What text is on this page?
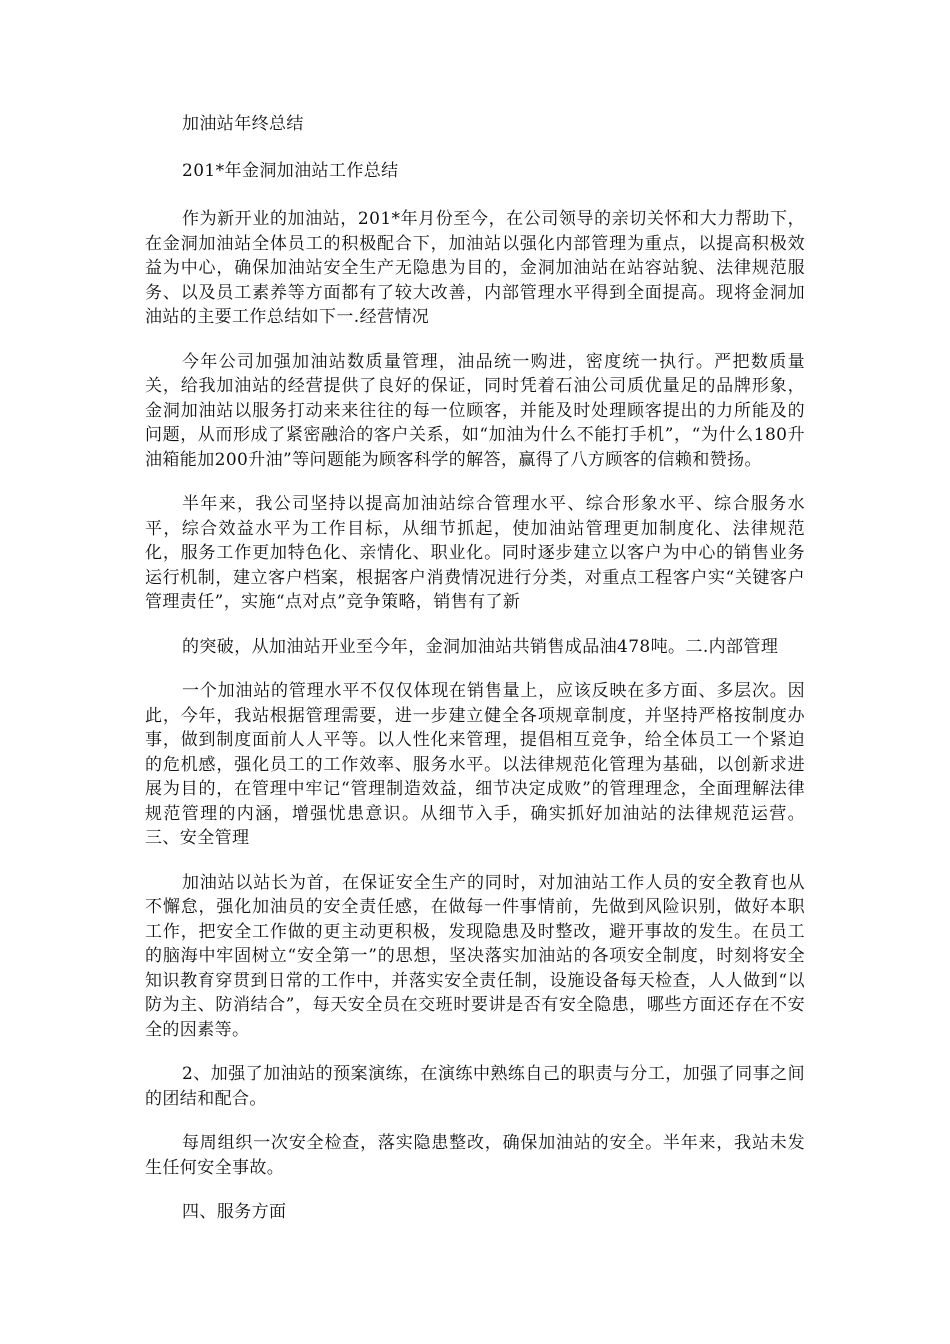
加油站年终总结

201*年金洞加油站工作总结

作为新开业的加油站，201*年月份至今，在公司领导的亲切关怀和大力帮助下，在金洞加油站全体员工的积极配合下，加油站以强化内部管理为重点，以提高积极效益为中心，确保加油站安全生产无隐患为目的，金洞加油站在站容站貌、法律规范服务、以及员工素养等方面都有了较大改善，内部管理水平得到全面提高。现将金洞加油站的主要工作总结如下一.经营情况

今年公司加强加油站数质量管理，油品统一购进，密度统一执行。严把数质量关，给我加油站的经营提供了良好的保证，同时凭着石油公司质优量足的品牌形象，金洞加油站以服务打动来来往往的每一位顾客，并能及时处理顾客提出的力所能及的问题，从而形成了紧密融洽的客户关系，如“加油为什么不能打手机”，“为什么180升油箱能加200升油”等问题能为顾客科学的解答，赢得了八方顾客的信赖和赞扬。

半年来，我公司坚持以提高加油站综合管理水平、综合形象水平、综合服务水平，综合效益水平为工作目标，从细节抓起，使加油站管理更加制度化、法律规范化，服务工作更加特色化、亲情化、职业化。同时逐步建立以客户为中心的销售业务运行机制，建立客户档案，根据客户消费情况进行分类，对重点工程客户实“关键客户管理责任”，实施“点对点”竞争策略，销售有了新

的突破，从加油站开业至今年，金洞加油站共销售成品油478吨。二.内部管理

一个加油站的管理水平不仅仅体现在销售量上，应该反映在多方面、多层次。因此，今年，我站根据管理需要，进一步建立健全各项规章制度，并坚持严格按制度办事，做到制度面前人人平等。以人性化来管理，提倡相互竞争，给全体员工一个紧迫的危机感，强化员工的工作效率、服务水平。以法律规范化管理为基础，以创新求进展为目的，在管理中牢记“管理制造效益，细节决定成败”的管理理念，全面理解法律规范管理的内涵，增强忧患意识。从细节入手，确实抓好加油站的法律规范运营。三、安全管理

加油站以站长为首，在保证安全生产的同时，对加油站工作人员的安全教育也从不懈怠，强化加油员的安全责任感，在做每一件事情前，先做到风险识别，做好本职工作，把安全工作做的更主动更积极，发现隐患及时整改，避开事故的发生。在员工的脑海中牢固树立“安全第一”的思想，坚决落实加油站的各项安全制度，时刻将安全知识教育穿贯到日常的工作中，并落实安全责任制，设施设备每天检查，人人做到“以防为主、防消结合”，每天安全员在交班时要讲是否有安全隐患，哪些方面还存在不安全的因素等。

2、加强了加油站的预案演练，在演练中熟练自己的职责与分工，加强了同事之间的团结和配合。

每周组织一次安全检查，落实隐患整改，确保加油站的安全。半年来，我站未发生任何安全事故。

四、服务方面
